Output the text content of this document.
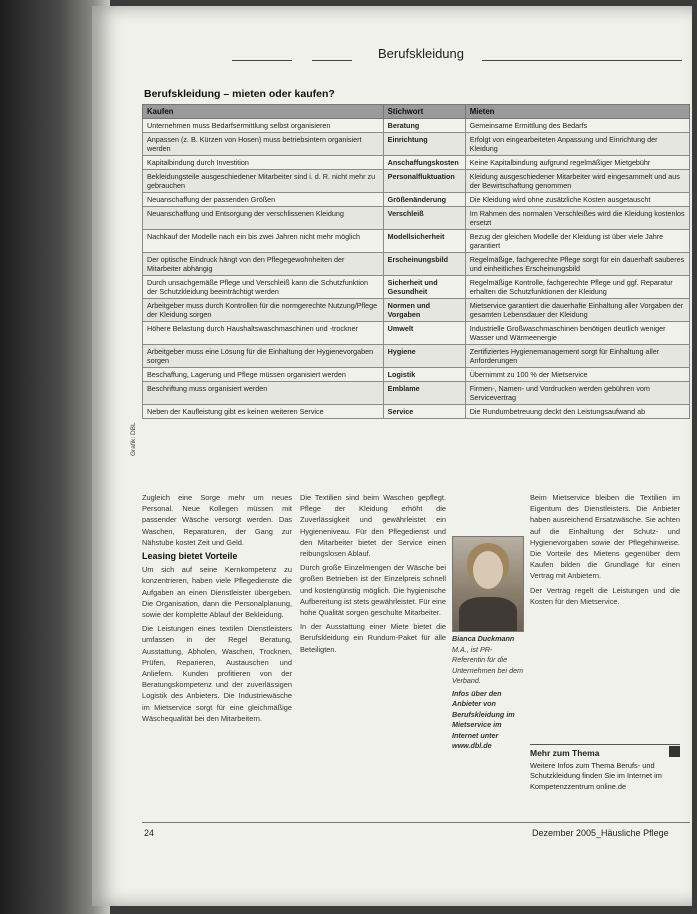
Berufskleidung
Berufskleidung – mieten oder kaufen?
Kaufen	Stichwort	Mieten
Unternehmen muss Bedarfsermittlung selbst organisieren	Beratung	Gemeinsame Ermittlung des Bedarfs
Anpassen (z. B. Kürzen von Hosen) muss betriebsintern organisiert werden	Einrichtung	Erfolgt von eingearbeiteten Anpassung und Einrichtung der Kleidung
Kapitalbindung durch Investition	Anschaffungskosten	Keine Kapitalbindung aufgrund regelmäßiger Mietgebühr
Bekleidungsteile ausgeschiedener Mitarbeiter sind i. d. R. nicht mehr zu gebrauchen	Personalfluktuation	Kleidung ausgeschiedener Mitarbeiter wird eingesammelt und aus der Bewirtschaftung genommen
Neuanschaffung der passenden Größen	Größenänderung	Die Kleidung wird ohne zusätzliche Kosten ausgetauscht
Neuanschaffung und Entsorgung der verschlissenen Kleidung	Verschleiß	Im Rahmen des normalen Verschleißes wird die Kleidung kostenlos ersetzt
Nachkauf der Modelle nach ein bis zwei Jahren nicht mehr möglich	Modellsicherheit	Bezug der gleichen Modelle der Kleidung ist über viele Jahre garantiert
Der optische Eindruck hängt von den Pflegegewohnheiten der Mitarbeiter abhängig	Erscheinungsbild	Regelmäßige, fachgerechte Pflege sorgt für ein dauerhaft sauberes und einheitliches Erscheinungsbild
Durch unsachgemäße Pflege und Verschleiß kann die Schutzfunktion der Schutzkleidung beeinträchtigt werden	Sicherheit und Gesundheit	Regelmäßige Kontrolle, fachgerechte Pflege und ggf. Reparatur erhalten die Schutzfunktionen der Kleidung
Arbeitgeber muss durch Kontrollen für die normgerechte Nutzung/Pflege der Kleidung sorgen	Normen und Vorgaben	Mietservice garantiert die dauerhafte Einhaltung aller Vorgaben der gesamten Lebensdauer der Kleidung
Höhere Belastung durch Haushaltswaschmaschinen und -trockner	Umwelt	Industrielle Großwaschmaschinen benötigen deutlich weniger Wasser und Wärmeenergie
Arbeitgeber muss eine Lösung für die Einhaltung der Hygienevorgaben sorgen	Hygiene	Zertifiziertes Hygienemanagement sorgt für Einhaltung aller Anforderungen
Beschaffung, Lagerung und Pflege müssen organisiert werden	Logistik	Übernimmt zu 100 % der Mietservice
Beschriftung muss organisiert werden	Emblame	Firmen-, Namen- und Vordrucken werden gebühren vom Servicevertrag
Neben der Kaufleistung gibt es keinen weiteren Service	Service	Die Rundumbetreuung deckt den Leistungsaufwand ab
Grafik: DBL

Zugleich eine Sorge mehr um neues Personal. Neue Kollegen müssen mit passender Wäsche versorgt werden. Das Waschen, Reparaturen, der Gang zur Nähstube kostet Zeit und Geld.

Leasing bietet Vorteile

Um sich auf seine Kernkompetenz zu konzentrieren, haben viele Pflegedienste die Aufgaben an einen Dienstleister übergeben. Die Organisation, dann die Personalplanung, sowie der komplette Ablauf der Bekleidung.

Die Leistungen eines textilen Dienstleisters umfassen in der Regel Beratung, Ausstattung, Abholen, Waschen, Trocknen, Prüfen, Reparieren, Austauschen und Anliefern. Kunden profitieren von der Beratungskompetenz und der zuverlässigen Logistik des Anbieters. Die Industriewäsche im Mietservice sorgt für eine gleichmäßige Wäschequalität bei den Mitarbeitern.

Die Textilien sind beim Waschen gepflegt. Pflege der Kleidung erhöht die Zuverlässigkeit und gewährleistet ein Hygieneniveau. Für den Pflegedienst und den Mitarbeiter bietet der Service einen reibungslosen Ablauf.

Durch große Einzelmengen der Wäsche bei großen Betrieben ist der Einzelpreis schnell und kostengünstig möglich. Die hygienische Aufbereitung ist stets gewährleistet. Für eine hohe Qualität sorgen geschulte Mitarbeiter.

In der Ausstattung einer Miete bietet die Berufskleidung ein Rundum-Paket für alle Beteiligten.

Bianca Duckmann
M.A., ist PR-Referentin für die Unternehmen bei dem Verband.
Infos über den Anbieter von Berufskleidung im Mietservice im Internet unter www.dbl.de

Beim Mietservice bleiben die Textilien im Eigentum des Dienstleisters. Die Anbieter haben ausreichend Ersatzwäsche. Sie achten auf die Einhaltung der Schutz- und Hygienevorgaben sowie der Pflegehinweise. Die Vorteile des Mietens gegenüber dem Kaufen bilden die Grundlage für einen Vertrag mit Anbietern.

Der Vertrag regelt die Leistungen und die Kosten für den Mietservice.

Mehr zum Thema
Weitere Infos zum Thema Berufs- und Schutzkleidung finden Sie im Internet im Kompetenzzentrum online.de
24	Dezember 2005_Häusliche Pflege
